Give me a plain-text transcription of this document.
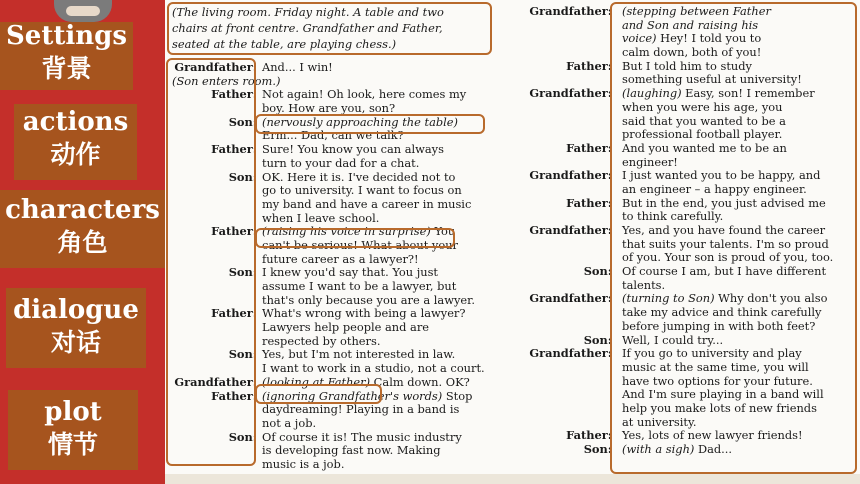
Settings
背景
actions
动作
characters
角色
dialogue
对话
plot
情节
(The living room. Friday night. A table and two
chairs at front centre. Grandfather and Father,
seated at the table, are playing chess.)
Grandfather: And... I win!
(Son enters room.)
Father: Not again! Oh look, here comes my
boy. How are you, son?
Son: (nervously approaching the table)
Erm... Dad, can we talk?
Father: Sure! You know you can always
turn to your dad for a chat.
Son: OK. Here it is. I've decided not to
go to university. I want to focus on
my band and have a career in music
when I leave school.
Father: (raising his voice in surprise) You
can't be serious! What about your
future career as a lawyer?!
Son: I knew you'd say that. You just
assume I want to be a lawyer, but
that's only because you are a lawyer.
Father: What's wrong with being a lawyer?
Lawyers help people and are
respected by others.
Son: Yes, but I'm not interested in law.
I want to work in a studio, not a court.
Grandfather: (looking at Father) Calm down. OK?
Father: (ignoring Grandfather's words) Stop
daydreaming! Playing in a band is
not a job.
Son: Of course it is! The music industry
is developing fast now. Making
music is a job.
Grandfather: (stepping between Father
and Son and raising his
voice) Hey! I told you to
calm down, both of you!
Father: But I told him to study
something useful at university!
Grandfather: (laughing) Easy, son! I remember
when you were his age, you
said that you wanted to be a
professional football player.
Father: And you wanted me to be an
engineer!
Grandfather: I just wanted you to be happy, and
an engineer – a happy engineer.
Father: But in the end, you just advised me
to think carefully.
Grandfather: Yes, and you have found the career
that suits your talents. I'm so proud
of you. Your son is proud of you, too.
Son: Of course I am, but I have different
talents.
Grandfather: (turning to Son) Why don't you also
take my advice and think carefully
before jumping in with both feet?
Son: Well, I could try...
Grandfather: If you go to university and play
music at the same time, you will
have two options for your future.
And I'm sure playing in a band will
help you make lots of new friends
at university.
Father: Yes, lots of new lawyer friends!
Son: (with a sigh) Dad...
